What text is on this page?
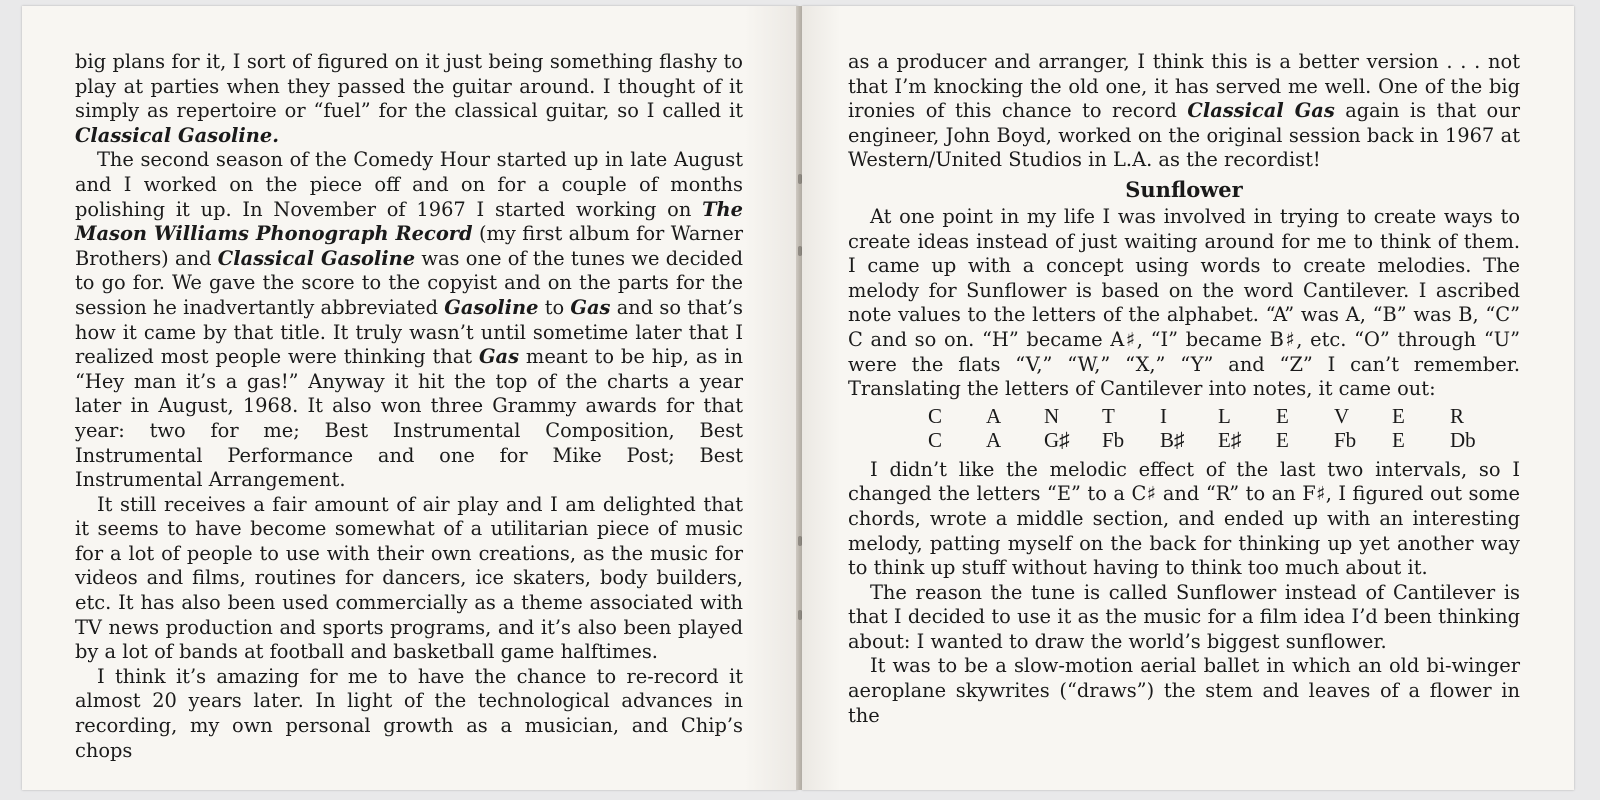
big plans for it, I sort of figured on it just being something flashy to play at parties when they passed the guitar around. I thought of it simply as repertoire or “fuel” for the classical guitar, so I called it Classical Gasoline.

The second season of the Comedy Hour started up in late August and I worked on the piece off and on for a couple of months polishing it up. In November of 1967 I started working on The Mason Williams Phonograph Record (my first album for Warner Brothers) and Classical Gasoline was one of the tunes we decided to go for. We gave the score to the copyist and on the parts for the session he inadvertantly abbreviated Gasoline to Gas and so that’s how it came by that title. It truly wasn’t until sometime later that I realized most people were thinking that Gas meant to be hip, as in “Hey man it’s a gas!” Anyway it hit the top of the charts a year later in August, 1968. It also won three Grammy awards for that year: two for me; Best Instrumental Composition, Best Instrumental Performance and one for Mike Post; Best Instrumental Arrangement.

It still receives a fair amount of air play and I am delighted that it seems to have become somewhat of a utilitarian piece of music for a lot of people to use with their own creations, as the music for videos and films, routines for dancers, ice skaters, body builders, etc. It has also been used commercially as a theme associated with TV news production and sports programs, and it’s also been played by a lot of bands at football and basketball game halftimes.

I think it’s amazing for me to have the chance to re-record it almost 20 years later. In light of the technological advances in recording, my own personal growth as a musician, and Chip’s chops

as a producer and arranger, I think this is a better version . . . not that I’m knocking the old one, it has served me well. One of the big ironies of this chance to record Classical Gas again is that our engineer, John Boyd, worked on the original session back in 1967 at Western/United Studios in L.A. as the recordist!

Sunflower

At one point in my life I was involved in trying to create ways to create ideas instead of just waiting around for me to think of them. I came up with a concept using words to create melodies. The melody for Sunflower is based on the word Cantilever. I ascribed note values to the letters of the alphabet. “A” was A, “B” was B, “C” C and so on. “H” became A♯, “I” became B♯, etc. “O” through “U” were the flats “V,” “W,” “X,” “Y” and “Z” I can’t remember. Translating the letters of Cantilever into notes, it came out:

C	A	N	T	I	L	E	V	E	R
C	A	G♯	Fb	B♯	E♯	E	Fb	E	Db

I didn’t like the melodic effect of the last two intervals, so I changed the letters “E” to a C♯ and “R” to an F♯, I figured out some chords, wrote a middle section, and ended up with an interesting melody, patting myself on the back for thinking up yet another way to think up stuff without having to think too much about it.

The reason the tune is called Sunflower instead of Cantilever is that I decided to use it as the music for a film idea I’d been thinking about: I wanted to draw the world’s biggest sunflower.

It was to be a slow-motion aerial ballet in which an old bi-winger aeroplane skywrites (“draws”) the stem and leaves of a flower in the
